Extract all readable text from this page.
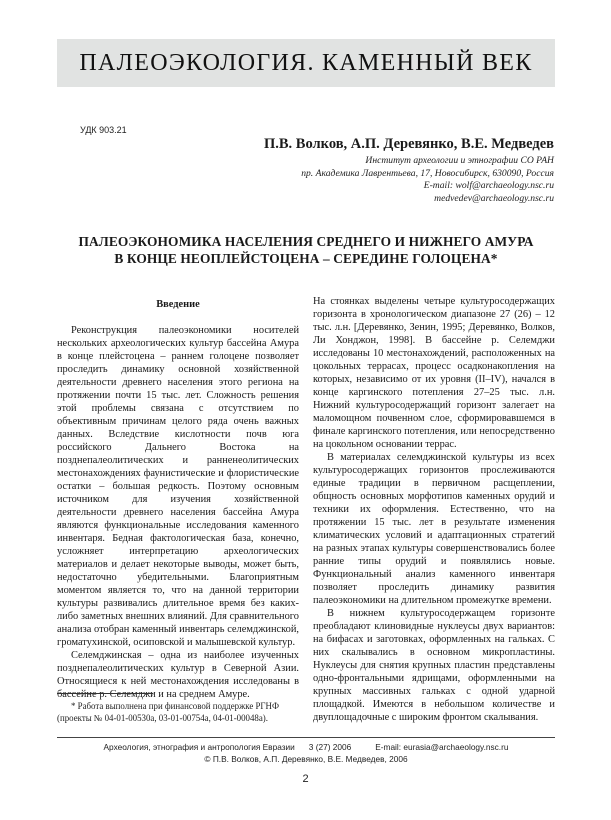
ПАЛЕОЭКОЛОГИЯ. КАМЕННЫЙ ВЕК
УДК 903.21
П.В. Волков, А.П. Деревянко, В.Е. Медведев
Институт археологии и этнографии СО РАН
пр. Академика Лаврентьева, 17, Новосибирск, 630090, Россия
E-mail: wolf@archaeology.nsc.ru
medvedev@archaeology.nsc.ru
ПАЛЕОЭКОНОМИКА НАСЕЛЕНИЯ СРЕДНЕГО И НИЖНЕГО АМУРА
В КОНЦЕ НЕОПЛЕЙСТОЦЕНА – СЕРЕДИНЕ ГОЛОЦЕНА*
Введение

Реконструкция палеоэкономики носителей нескольких археологических культур бассейна Амура в конце плейстоцена – раннем голоцене позволяет проследить динамику основной хозяйственной деятельности древнего населения этого региона на протяжении почти 15 тыс. лет. Сложность решения этой проблемы связана с отсутствием по объективным причинам целого ряда очень важных данных. Вследствие кислотности почв юга российского Дальнего Востока на позднепалеолитических и ранненеолитических местонахождениях фаунистические и флористические остатки – большая редкость. Поэтому основным источником для изучения хозяйственной деятельности древнего населения бассейна Амура являются функциональные исследования каменного инвентаря. Бедная фактологическая база, конечно, усложняет интерпретацию археологических материалов и делает некоторые выводы, может быть, недостаточно убедительными. Благоприятным моментом является то, что на данной территории культуры развивались длительное время без каких-либо заметных внешних влияний. Для сравнительного анализа отобран каменный инвентарь селемджинской, громатухинской, осиповской и малышевской культур.

Селемджинская – одна из наиболее изученных позднепалеолитических культур в Северной Азии. Относящиеся к ней местонахождения исследованы в бассейне р. Селемджи и на среднем Амуре.

На стоянках выделены четыре культуросодержащих горизонта в хронологическом диапазоне 27 (26) – 12 тыс. л.н. [Деревянко, Зенин, 1995; Деревянко, Волков, Ли Хонджон, 1998]. В бассейне р. Селемджи исследованы 10 местонахождений, расположенных на цокольных террасах, процесс осадконакопления на которых, независимо от их уровня (II–IV), начался в конце каргинского потепления 27–25 тыс. л.н. Нижний культуросодержащий горизонт залегает на маломощном почвенном слое, сформировавшемся в финале каргинского потепления, или непосредственно на цокольном основании террас.

В материалах селемджинской культуры из всех культуросодержащих горизонтов прослеживаются единые традиции в первичном расщеплении, общность основных морфотипов каменных орудий и техники их оформления. Естественно, что на протяжении 15 тыс. лет в результате изменения климатических условий и адаптационных стратегий на разных этапах культуры совершенствовались более ранние типы орудий и появлялись новые. Функциональный анализ каменного инвентаря позволяет проследить динамику развития палеоэкономики на длительном промежутке времени.

В нижнем культуросодержащем горизонте преобладают клиновидные нуклеусы двух вариантов: на бифасах и заготовках, оформленных на гальках. С них скалывались в основном микропластины. Нуклеусы для снятия крупных пластин представлены одно-фронтальными ядрищами, оформленными на крупных массивных гальках с одной ударной площадкой. Имеются в небольшом количестве и двуплощадочные с широким фронтом скалывания.

* Работа выполнена при финансовой поддержке РГНФ
(проекты № 04-01-00530а, 03-01-00754а, 04-01-00048а).
Археология, этнография и антропология Евразии 3 (27) 2006	E-mail: eurasia@archaeology.nsc.ru
© П.В. Волков, А.П. Деревянко, В.Е. Медведев, 2006
2
